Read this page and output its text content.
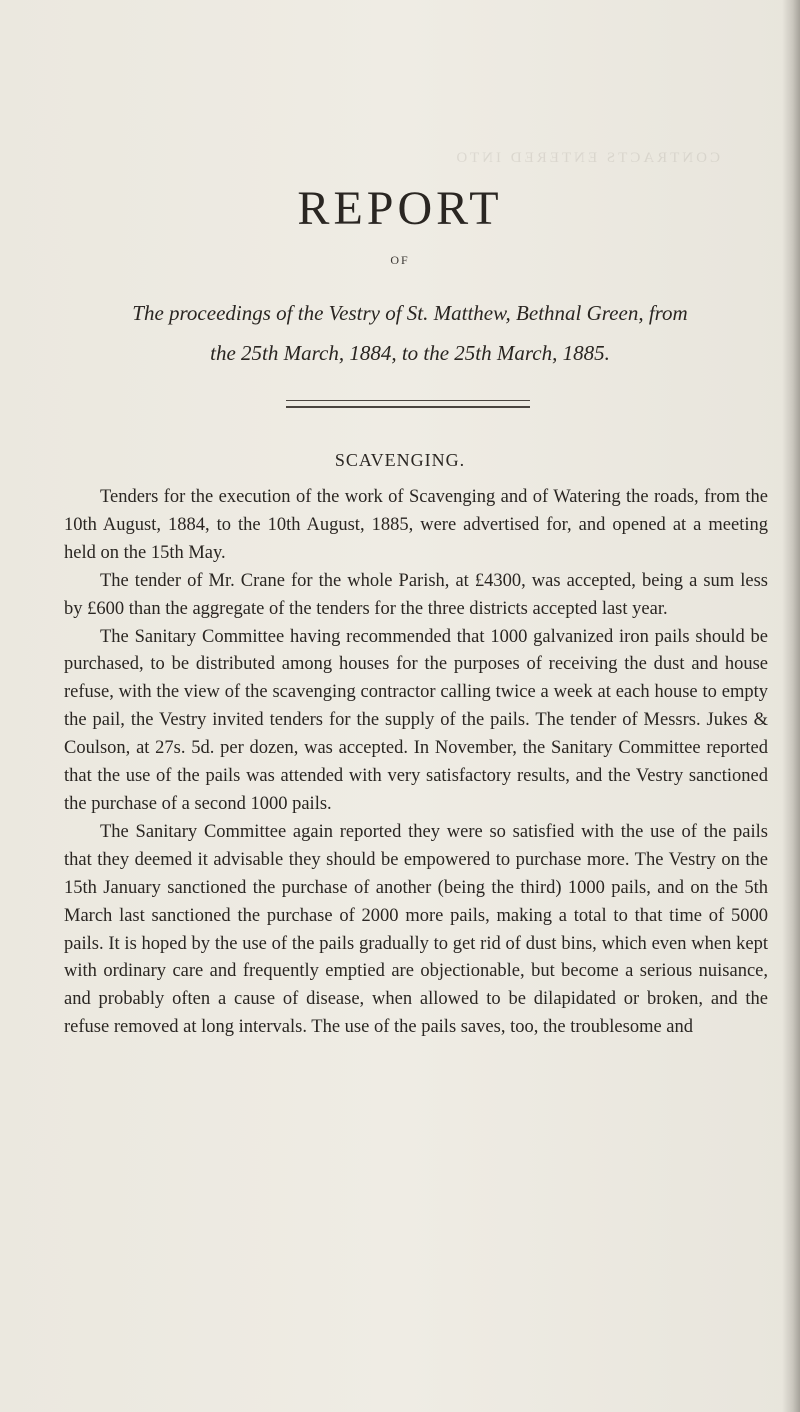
CONTRACTS ENTERED INTO
REPORT
OF
The proceedings of the Vestry of St. Matthew, Bethnal Green, from
the 25th March, 1884, to the 25th March, 1885.
SCAVENGING.

Tenders for the execution of the work of Scavenging and of Watering the roads, from the 10th August, 1884, to the 10th August, 1885, were advertised for, and opened at a meeting held on the 15th May.

The tender of Mr. Crane for the whole Parish, at £4300, was accepted, being a sum less by £600 than the aggregate of the tenders for the three districts accepted last year.

The Sanitary Committee having recommended that 1000 galvanized iron pails should be purchased, to be distributed among houses for the purposes of receiving the dust and house refuse, with the view of the scavenging contractor calling twice a week at each house to empty the pail, the Vestry invited tenders for the supply of the pails. The tender of Messrs. Jukes & Coulson, at 27s. 5d. per dozen, was accepted. In November, the Sanitary Committee reported that the use of the pails was attended with very satisfactory results, and the Vestry sanctioned the purchase of a second 1000 pails.

The Sanitary Committee again reported they were so satisfied with the use of the pails that they deemed it advisable they should be empowered to purchase more. The Vestry on the 15th January sanctioned the purchase of another (being the third) 1000 pails, and on the 5th March last sanctioned the purchase of 2000 more pails, making a total to that time of 5000 pails. It is hoped by the use of the pails gradually to get rid of dust bins, which even when kept with ordinary care and frequently emptied are objectionable, but become a serious nuisance, and probably often a cause of disease, when allowed to be dilapidated or broken, and the refuse removed at long intervals. The use of the pails saves, too, the troublesome and
